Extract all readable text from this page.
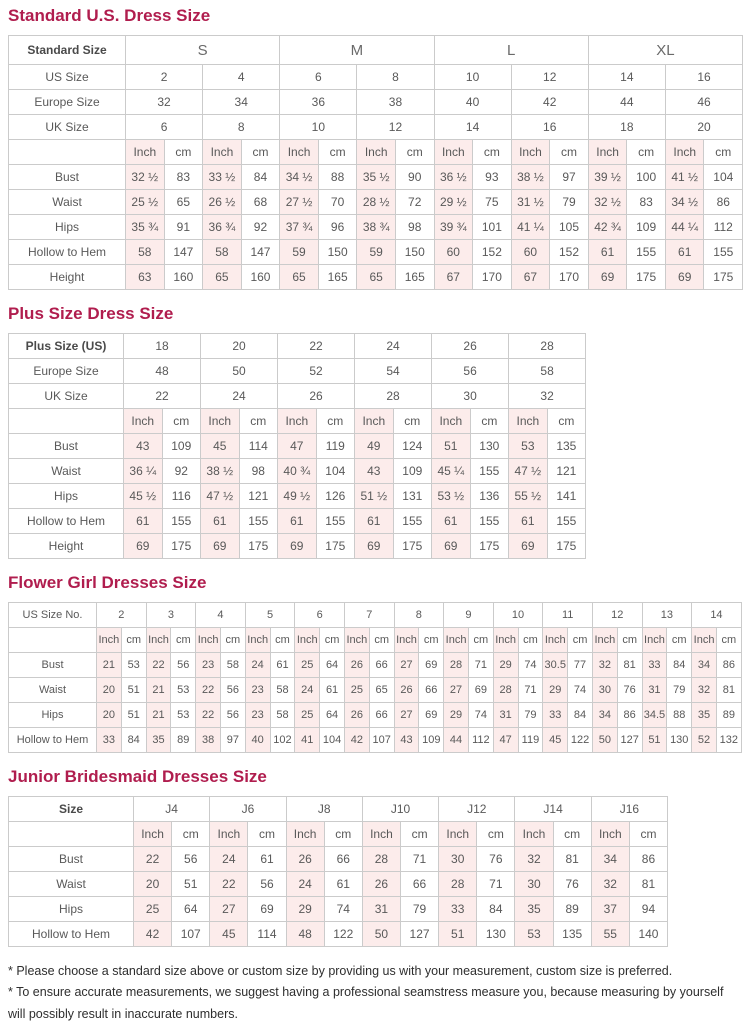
Standard U.S. Dress Size
Standard Size	S				M				L				XL			
US Size	2		4		6		8		10		12		14		16	
Europe Size	32		34		36		38		40		42		44		46	
UK Size	6		8		10		12		14		16		18		20	
	Inch	cm	Inch	cm	Inch	cm	Inch	cm	Inch	cm	Inch	cm	Inch	cm	Inch	cm
Bust	32 ½	83	33 ½	84	34 ½	88	35 ½	90	36 ½	93	38 ½	97	39 ½	100	41 ½	104
Waist	25 ½	65	26 ½	68	27 ½	70	28 ½	72	29 ½	75	31 ½	79	32 ½	83	34 ½	86
Hips	35 ¾	91	36 ¾	92	37 ¾	96	38 ¾	98	39 ¾	101	41 ¼	105	42 ¾	109	44 ¼	112
Hollow to Hem	58	147	58	147	59	150	59	150	60	152	60	152	61	155	61	155
Height	63	160	65	160	65	165	65	165	67	170	67	170	69	175	69	175
Plus Size Dress Size
Plus Size (US)	18		20		22		24		26		28	
Europe Size	48		50		52		54		56		58	
UK Size	22		24		26		28		30		32	
	Inch	cm	Inch	cm	Inch	cm	Inch	cm	Inch	cm	Inch	cm
Bust	43	109	45	114	47	119	49	124	51	130	53	135
Waist	36 ¼	92	38 ½	98	40 ¾	104	43	109	45 ¼	155	47 ½	121
Hips	45 ½	116	47 ½	121	49 ½	126	51 ½	131	53 ½	136	55 ½	141
Hollow to Hem	61	155	61	155	61	155	61	155	61	155	61	155
Height	69	175	69	175	69	175	69	175	69	175	69	175
Flower Girl Dresses Size
US Size No.	2		3		4		5		6		7		8		9		10		11		12		13		14	
	Inch	cm	Inch	cm	Inch	cm	Inch	cm	Inch	cm	Inch	cm	Inch	cm	Inch	cm	Inch	cm	Inch	cm	Inch	cm	Inch	cm	Inch	cm
Bust	21	53	22	56	23	58	24	61	25	64	26	66	27	69	28	71	29	74	30.5	77	32	81	33	84	34	86
Waist	20	51	21	53	22	56	23	58	24	61	25	65	26	66	27	69	28	71	29	74	30	76	31	79	32	81
Hips	20	51	21	53	22	56	23	58	25	64	26	66	27	69	29	74	31	79	33	84	34	86	34.5	88	35	89
Hollow to Hem	33	84	35	89	38	97	40	102	41	104	42	107	43	109	44	112	47	119	45	122	50	127	51	130	52	132
Junior Bridesmaid Dresses Size
Size	J4		J6		J8		J10		J12		J14		J16	
	Inch	cm	Inch	cm	Inch	cm	Inch	cm	Inch	cm	Inch	cm	Inch	cm
Bust	22	56	24	61	26	66	28	71	30	76	32	81	34	86
Waist	20	51	22	56	24	61	26	66	28	71	30	76	32	81
Hips	25	64	27	69	29	74	31	79	33	84	35	89	37	94
Hollow to Hem	42	107	45	114	48	122	50	127	51	130	53	135	55	140

* Please choose a standard size above or custom size by providing us with your measurement, custom size is preferred.

* To ensure accurate measurements, we suggest having a professional seamstress measure you, because measuring by yourself will possibly result in inaccurate numbers.
